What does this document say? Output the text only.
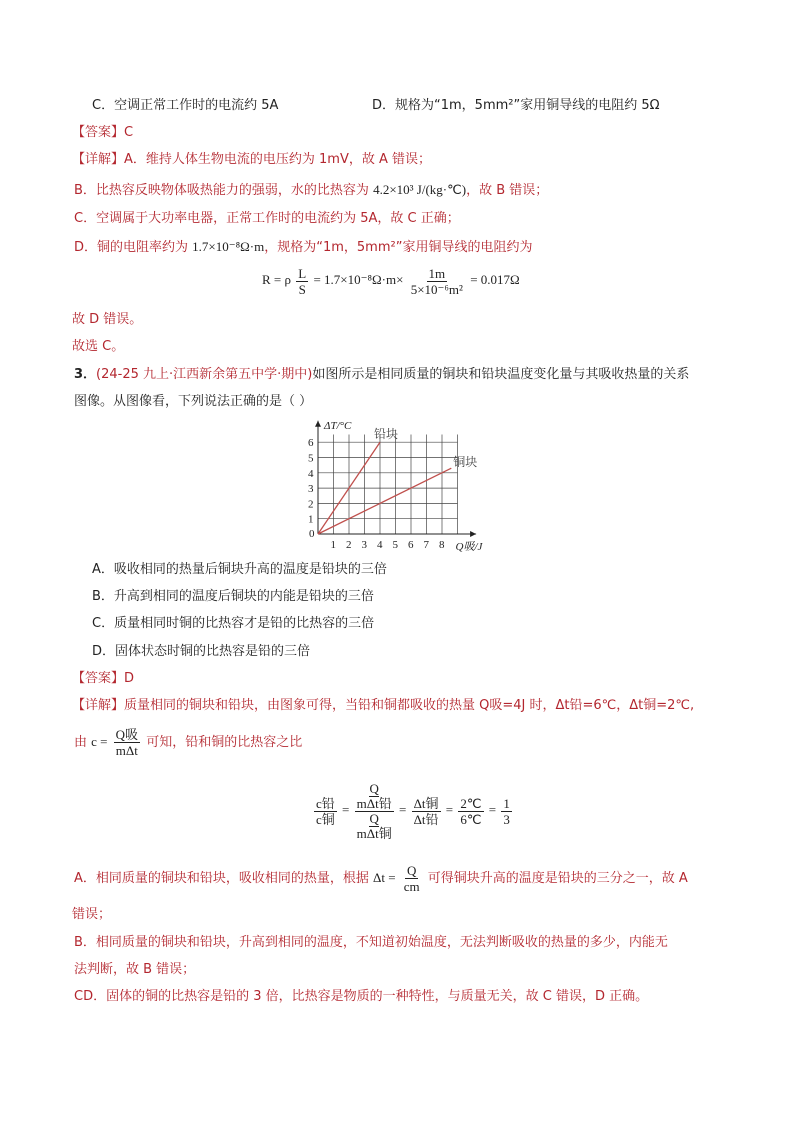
C．空调正常工作时的电流约 5A	D．规格为“1m，5mm²”家用铜导线的电阻约 5Ω
【答案】C
【详解】A．维持人体生物电流的电压约为 1mV，故 A 错误；
B．比热容反映物体吸热能力的强弱，水的比热容为 4.2×10³ J/(kg·℃)，故 B 错误；
C．空调属于大功率电器，正常工作时的电流约为 5A，故 C 正确；
D．铜的电阻率约为 1.7×10⁻⁸Ω·m，规格为“1m，5mm²”家用铜导线的电阻约为
R = ρ $\frac{L}{S} = 1.7\times 10^{-8}\Omega\cdot m\times \frac{1m}{\text{5×10⁻⁶m²}} = 0.017\Omega$
故 D 错误。
故选 C。
3．(24-25 九上·江西新余第五中学·期中)如图所示是相同质量的铜块和铅块温度变化量与其吸收热量的关系
图像。从图像看，下列说法正确的是（ ）
0
1 2 3 4 5 6 7 8
1
2
3
4
5
6
ΔT/°C
Q吸/J
铅块
铜块
A．吸收相同的热量后铜块升高的温度是铅块的三倍
B．升高到相同的温度后铜块的内能是铅块的三倍
C．质量相同时铜的比热容才是铅的比热容的三倍
D．固体状态时铜的比热容是铅的三倍
【答案】D
【详解】质量相同的铜块和铅块，由图象可得，当铅和铜都吸收的热量 Q吸=4J 时，Δt铅=6℃，Δt铜=2℃,
由 $c = \frac{\text{Q吸}}{\text{mΔt}}$ 可知，铅和铜的比热容之比
$\frac{\text{c铅}}{\text{c铜}} = Q$
mΔt铅
Q
mΔt铜 = $\frac{\text{Δt铜}}{\text{Δt铅}} = \frac{2℃}{6℃} = \frac{1}{3}$
A．相同质量的铜块和铅块，吸收相同的热量，根据 $\Delta t = \frac{Q}{cm}$ 可得铜块升高的温度是铅块的三分之一，故 A
错误；
B．相同质量的铜块和铅块，升高到相同的温度，不知道初始温度，无法判断吸收的热量的多少，内能无
法判断，故 B 错误；
CD．固体的铜的比热容是铅的 3 倍，比热容是物质的一种特性，与质量无关，故 C 错误，D 正确。
